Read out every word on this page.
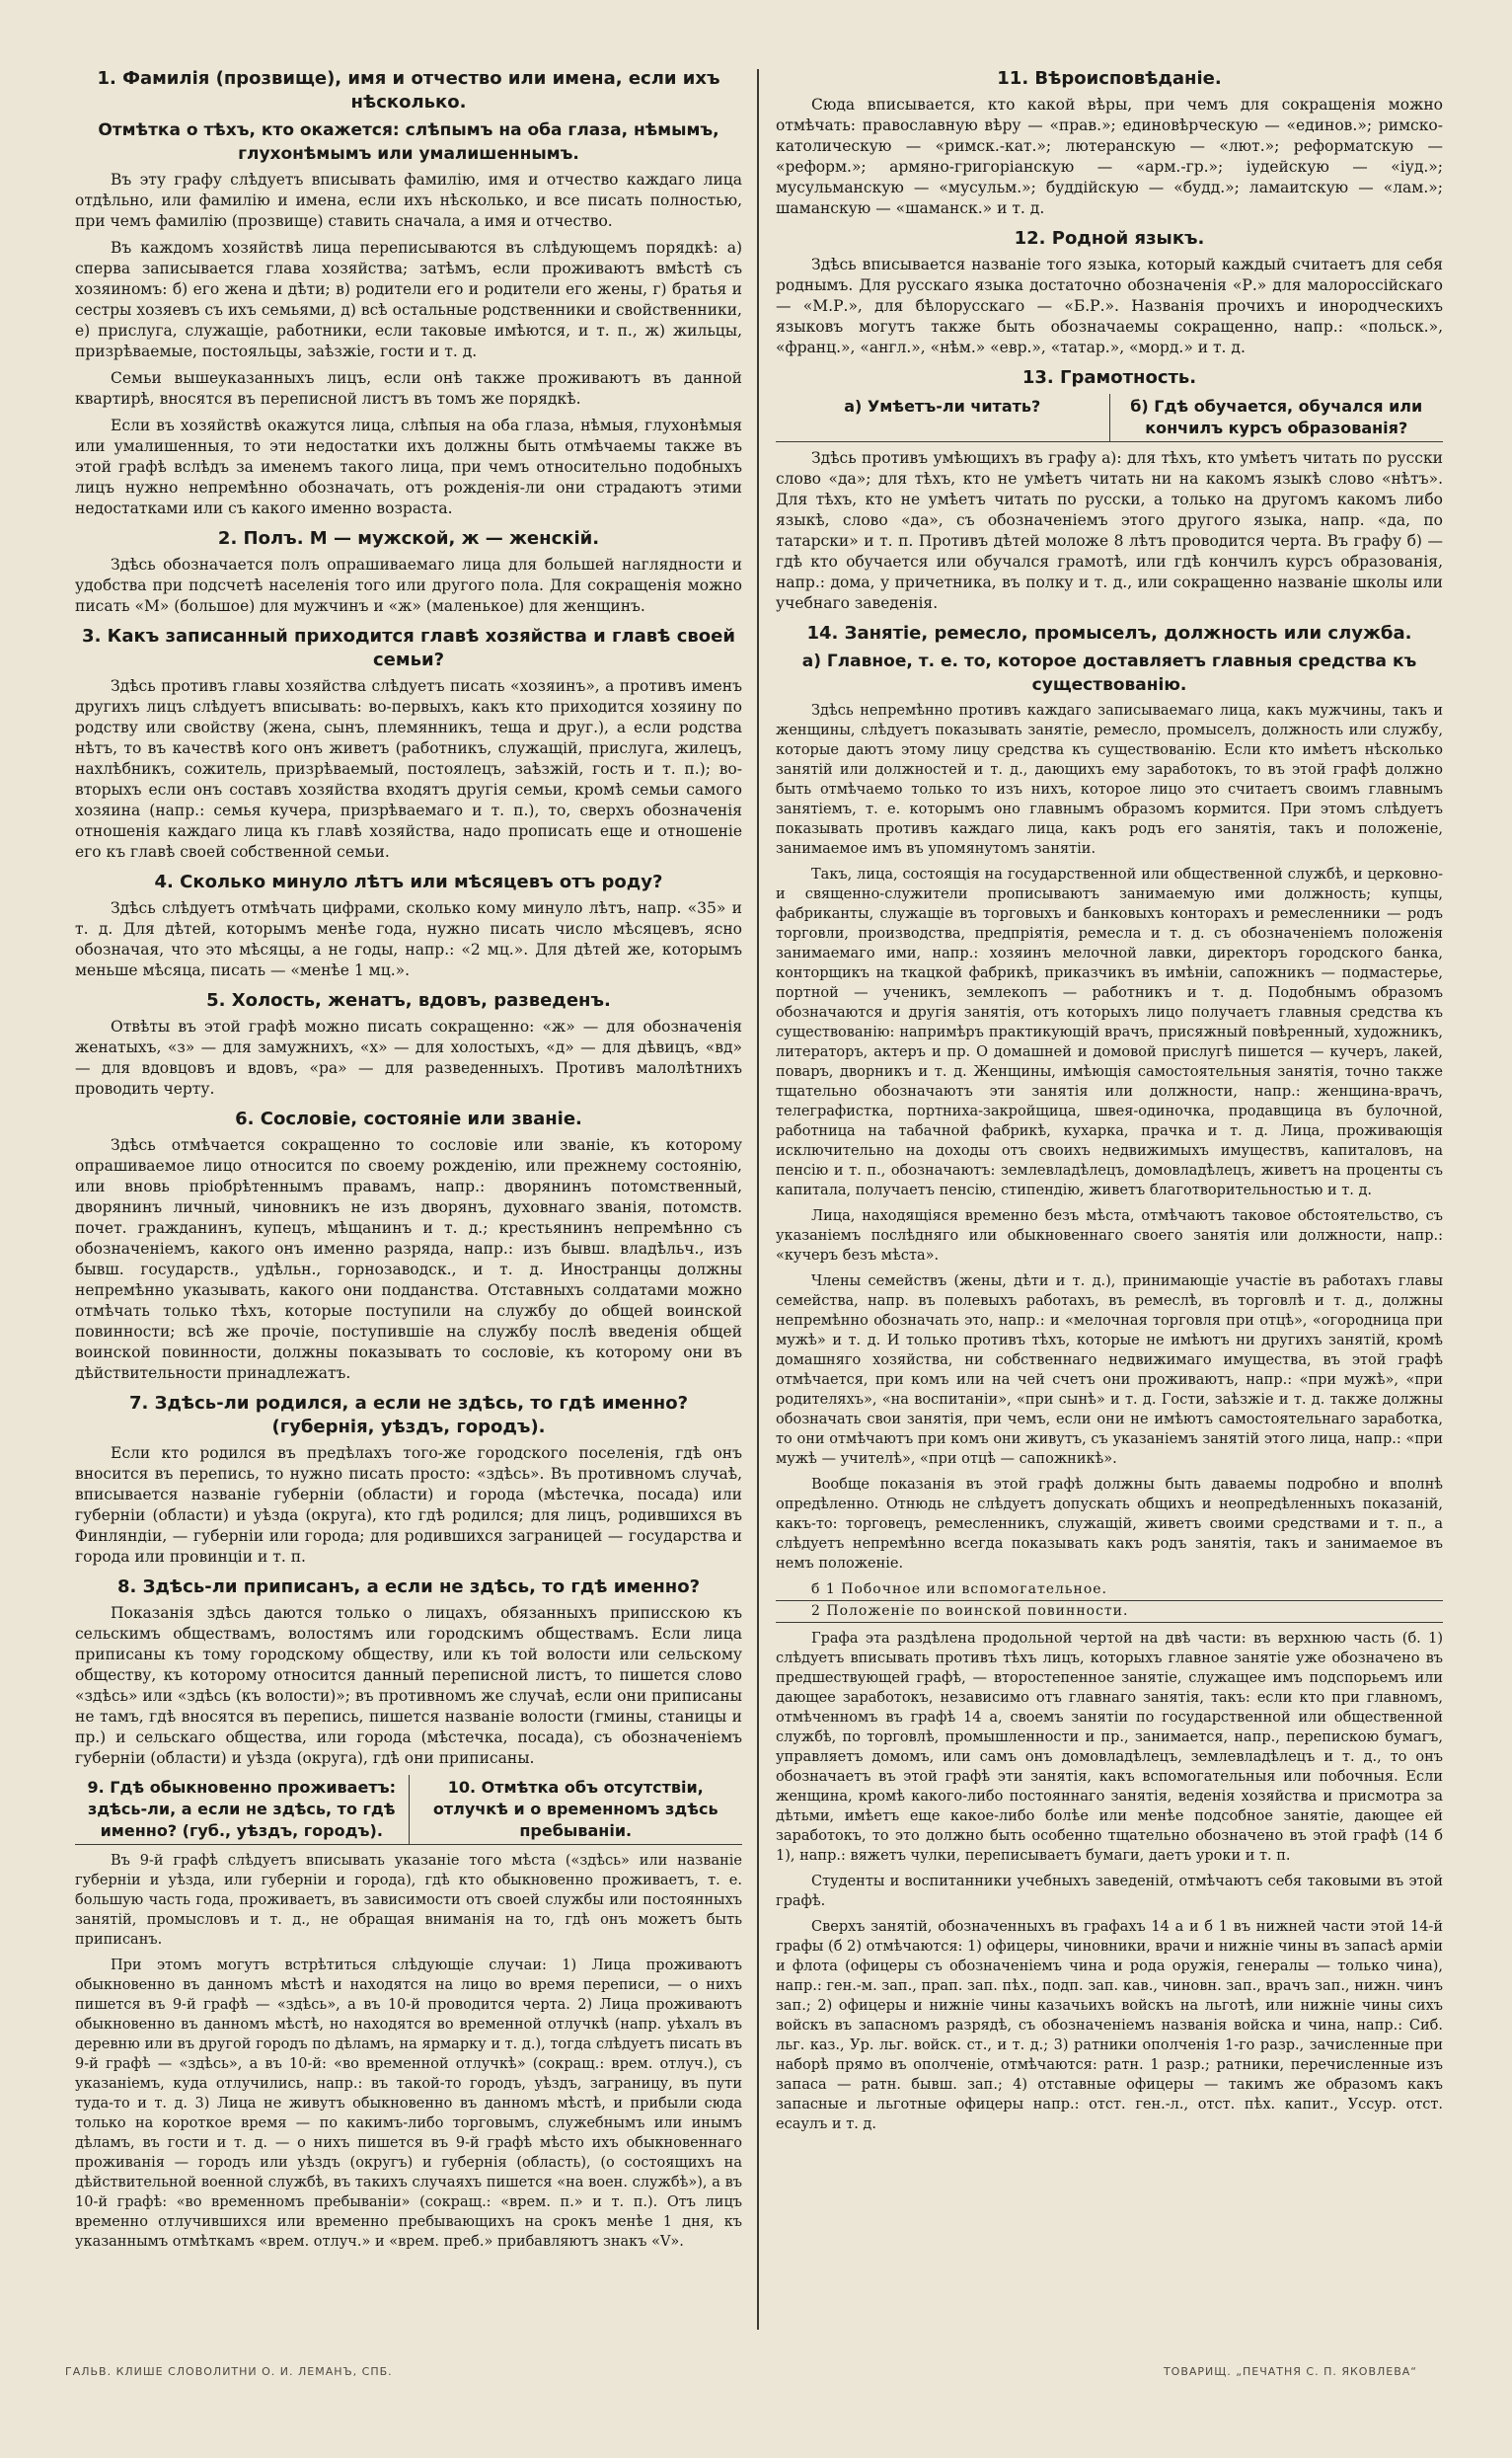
1. Фамилія (прозвище), имя и отчество или имена, если ихъ нѣсколько.
Отмѣтка о тѣхъ, кто окажется: слѣпымъ на оба глаза, нѣмымъ, глухонѣмымъ или умалишеннымъ.

Въ эту графу слѣдуетъ вписывать фамилію, имя и отчество каждаго лица отдѣльно, или фамилію и имена, если ихъ нѣсколько, и все писать полностью, при чемъ фамилію (прозвище) ставить сначала, а имя и отчество.

Въ каждомъ хозяйствѣ лица переписываются въ слѣдующемъ порядкѣ: а) сперва записывается глава хозяйства; затѣмъ, если проживаютъ вмѣстѣ съ хозяиномъ: б) его жена и дѣти; в) родители его и родители его жены, г) братья и сестры хозяевъ съ ихъ семьями, д) всѣ остальные родственники и свойственники, е) прислуга, служащіе, работники, если таковые имѣются, и т. п., ж) жильцы, призрѣваемые, постояльцы, заѣзжіе, гости и т. д.

Семьи вышеуказанныхъ лицъ, если онѣ также проживаютъ въ данной квартирѣ, вносятся въ переписной листъ въ томъ же порядкѣ.

Если въ хозяйствѣ окажутся лица, слѣпыя на оба глаза, нѣмыя, глухонѣмыя или умалишенныя, то эти недостатки ихъ должны быть отмѣчаемы также въ этой графѣ вслѣдъ за именемъ такого лица, при чемъ относительно подобныхъ лицъ нужно непремѣнно обозначать, отъ рожденія-ли они страдаютъ этими недостатками или съ какого именно возраста.

2. Полъ. М — мужской, ж — женскій.

Здѣсь обозначается полъ опрашиваемаго лица для большей наглядности и удобства при подсчетѣ населенія того или другого пола. Для сокращенія можно писать «М» (большое) для мужчинъ и «ж» (маленькое) для женщинъ.

3. Какъ записанный приходится главѣ хозяйства и главѣ своей семьи?

Здѣсь противъ главы хозяйства слѣдуетъ писать «хозяинъ», а противъ именъ другихъ лицъ слѣдуетъ вписывать: во-первыхъ, какъ кто приходится хозяину по родству или свойству (жена, сынъ, племянникъ, теща и друг.), а если родства нѣтъ, то въ качествѣ кого онъ живетъ (работникъ, служащій, прислуга, жилецъ, нахлѣбникъ, сожитель, призрѣваемый, постоялецъ, заѣзжій, гость и т. п.); во-вторыхъ если онъ составъ хозяйства входятъ другія семьи, кромѣ семьи самого хозяина (напр.: семья кучера, призрѣваемаго и т. п.), то, сверхъ обозначенія отношенія каждаго лица къ главѣ хозяйства, надо прописать еще и отношеніе его къ главѣ своей собственной семьи.

4. Сколько минуло лѣтъ или мѣсяцевъ отъ роду?

Здѣсь слѣдуетъ отмѣчать цифрами, сколько кому минуло лѣтъ, напр. «35» и т. д. Для дѣтей, которымъ менѣе года, нужно писать число мѣсяцевъ, ясно обозначая, что это мѣсяцы, а не годы, напр.: «2 мц.». Для дѣтей же, которымъ меньше мѣсяца, писать — «менѣе 1 мц.».

5. Холость, женатъ, вдовъ, разведенъ.

Отвѣты въ этой графѣ можно писать сокращенно: «ж» — для обозначенія женатыхъ, «з» — для замужнихъ, «х» — для холостыхъ, «д» — для дѣвицъ, «вд» — для вдовцовъ и вдовъ, «ра» — для разведенныхъ. Противъ малолѣтнихъ проводить черту.

6. Сословіе, состояніе или званіе.

Здѣсь отмѣчается сокращенно то сословіе или званіе, къ которому опрашиваемое лицо относится по своему рожденію, или прежнему состоянію, или вновь пріобрѣтеннымъ правамъ, напр.: дворянинъ потомственный, дворянинъ личный, чиновникъ не изъ дворянъ, духовнаго званія, потомств. почет. гражданинъ, купецъ, мѣщанинъ и т. д.; крестьянинъ непремѣнно съ обозначеніемъ, какого онъ именно разряда, напр.: изъ бывш. владѣльч., изъ бывш. государств., удѣльн., горнозаводск., и т. д. Иностранцы должны непремѣнно указывать, какого они подданства. Отставныхъ солдатами можно отмѣчать только тѣхъ, которые поступили на службу до общей воинской повинности; всѣ же прочіе, поступившіе на службу послѣ введенія общей воинской повинности, должны показывать то сословіе, къ которому они въ дѣйствительности принадлежатъ.

7. Здѣсь-ли родился, а если не здѣсь, то гдѣ именно? (губернія, уѣздъ, городъ).

Если кто родился въ предѣлахъ того-же городского поселенія, гдѣ онъ вносится въ перепись, то нужно писать просто: «здѣсь». Въ противномъ случаѣ, вписывается названіе губерніи (области) и города (мѣстечка, посада) или губерніи (области) и уѣзда (округа), кто гдѣ родился; для лицъ, родившихся въ Финляндіи, — губерніи или города; для родившихся заграницей — государства и города или провинціи и т. п.

8. Здѣсь-ли приписанъ, а если не здѣсь, то гдѣ именно?

Показанія здѣсь даются только о лицахъ, обязанныхъ приписскою къ сельскимъ обществамъ, волостямъ или городскимъ обществамъ. Если лица приписаны къ тому городскому обществу, или къ той волости или сельскому обществу, къ которому относится данный переписной листъ, то пишется слово «здѣсь» или «здѣсь (къ волости)»; въ противномъ же случаѣ, если они приписаны не тамъ, гдѣ вносятся въ перепись, пишется названіе волости (гмины, станицы и пр.) и сельскаго общества, или города (мѣстечка, посада), съ обозначеніемъ губерніи (области) и уѣзда (округа), гдѣ они приписаны.

9. Гдѣ обыкновенно проживаетъ: здѣсь-ли, а если не здѣсь, то гдѣ именно? (губ., уѣздъ, городъ).
10. Отмѣтка объ отсутствіи, отлучкѣ и о временномъ здѣсь пребываніи.

Въ 9-й графѣ слѣдуетъ вписывать указаніе того мѣста («здѣсь» или названіе губерніи и уѣзда, или губерніи и города), гдѣ кто обыкновенно проживаетъ, т. е. большую часть года, проживаетъ, въ зависимости отъ своей службы или постоянныхъ занятій, промысловъ и т. д., не обращая вниманія на то, гдѣ онъ можетъ быть приписанъ.

При этомъ могутъ встрѣтиться слѣдующіе случаи: 1) Лица проживаютъ обыкновенно въ данномъ мѣстѣ и находятся на лицо во время переписи, — о нихъ пишется въ 9-й графѣ — «здѣсь», а въ 10-й проводится черта. 2) Лица проживаютъ обыкновенно въ данномъ мѣстѣ, но находятся во временной отлучкѣ (напр. уѣхалъ въ деревню или въ другой городъ по дѣламъ, на ярмарку и т. д.), тогда слѣдуетъ писать въ 9-й графѣ — «здѣсь», а въ 10-й: «во временной отлучкѣ» (сокращ.: врем. отлуч.), съ указаніемъ, куда отлучились, напр.: въ такой-то городъ, уѣздъ, заграницу, въ пути туда-то и т. д. 3) Лица не живутъ обыкновенно въ данномъ мѣстѣ, и прибыли сюда только на короткое время — по какимъ-либо торговымъ, служебнымъ или инымъ дѣламъ, въ гости и т. д. — о нихъ пишется въ 9-й графѣ мѣсто ихъ обыкновеннаго проживанія — городъ или уѣздъ (округъ) и губернія (область), (о состоящихъ на дѣйствительной военной службѣ, въ такихъ случаяхъ пишется «на воен. службѣ»), а въ 10-й графѣ: «во временномъ пребываніи» (сокращ.: «врем. п.» и т. п.). Отъ лицъ временно отлучившихся или временно пребывающихъ на срокъ менѣе 1 дня, къ указаннымъ отмѣткамъ «врем. отлуч.» и «врем. преб.» прибавляютъ знакъ «V».

11. Вѣроисповѣданіе.

Сюда вписывается, кто какой вѣры, при чемъ для сокращенія можно отмѣчать: православную вѣру — «прав.»; единовѣрческую — «единов.»; римско-католическую — «римск.-кат.»; лютеранскую — «лют.»; реформатскую — «реформ.»; армяно-григоріанскую — «арм.-гр.»; іудейскую — «іуд.»; мусульманскую — «мусульм.»; буддійскую — «будд.»; ламаитскую — «лам.»; шаманскую — «шаманск.» и т. д.

12. Родной языкъ.

Здѣсь вписывается названіе того языка, который каждый считаетъ для себя роднымъ. Для русскаго языка достаточно обозначенія «Р.» для малороссійскаго — «М.Р.», для бѣлорусскаго — «Б.Р.». Названія прочихъ и инородческихъ языковъ могутъ также быть обозначаемы сокращенно, напр.: «польск.», «франц.», «англ.», «нѣм.» «евр.», «татар.», «морд.» и т. д.

13. Грамотность.
а) Умѣетъ-ли читать?	б) Гдѣ обучается, обучался или кончилъ курсъ образованія?

Здѣсь противъ умѣющихъ въ графу а): для тѣхъ, кто умѣетъ читать по русски слово «да»; для тѣхъ, кто не умѣетъ читать ни на какомъ языкѣ слово «нѣтъ». Для тѣхъ, кто не умѣетъ читать по русски, а только на другомъ какомъ либо языкѣ, слово «да», съ обозначеніемъ этого другого языка, напр. «да, по татарски» и т. п. Противъ дѣтей моложе 8 лѣтъ проводится черта. Въ графу б) — гдѣ кто обучается или обучался грамотѣ, или гдѣ кончилъ курсъ образованія, напр.: дома, у причетника, въ полку и т. д., или сокращенно названіе школы или учебнаго заведенія.

14. Занятіе, ремесло, промыселъ, должность или служба.
а) Главное, т. е. то, которое доставляетъ главныя средства къ существованію.

Здѣсь непремѣнно противъ каждаго записываемаго лица, какъ мужчины, такъ и женщины, слѣдуетъ показывать занятіе, ремесло, промыселъ, должность или службу, которые даютъ этому лицу средства къ существованію. Если кто имѣетъ нѣсколько занятій или должностей и т. д., дающихъ ему заработокъ, то въ этой графѣ должно быть отмѣчаемо только то изъ нихъ, которое лицо это считаетъ своимъ главнымъ занятіемъ, т. е. которымъ оно главнымъ образомъ кормится. При этомъ слѣдуетъ показывать противъ каждаго лица, какъ родъ его занятія, такъ и положеніе, занимаемое имъ въ упомянутомъ занятіи.

Такъ, лица, состоящія на государственной или общественной службѣ, и церковно- и священно-служители прописываютъ занимаемую ими должность; купцы, фабриканты, служащіе въ торговыхъ и банковыхъ конторахъ и ремесленники — родъ торговли, производства, предпріятія, ремесла и т. д. съ обозначеніемъ положенія занимаемаго ими, напр.: хозяинъ мелочной лавки, директоръ городского банка, конторщикъ на ткацкой фабрикѣ, приказчикъ въ имѣніи, сапожникъ — подмастерье, портной — ученикъ, землекопъ — работникъ и т. д. Подобнымъ образомъ обозначаются и другія занятія, отъ которыхъ лицо получаетъ главныя средства къ существованію: напримѣръ практикующій врачъ, присяжный повѣренный, художникъ, литераторъ, актеръ и пр. О домашней и домовой прислугѣ пишется — кучеръ, лакей, поваръ, дворникъ и т. д. Женщины, имѣющія самостоятельныя занятія, точно также тщательно обозначаютъ эти занятія или должности, напр.: женщина-врачъ, телеграфистка, портниха-закройщица, швея-одиночка, продавщица въ булочной, работница на табачной фабрикѣ, кухарка, прачка и т. д. Лица, проживающія исключительно на доходы отъ своихъ недвижимыхъ имуществъ, капиталовъ, на пенсію и т. п., обозначаютъ: землевладѣлецъ, домовладѣлецъ, живетъ на проценты съ капитала, получаетъ пенсію, стипендію, живетъ благотворительностью и т. д.

Лица, находящіяся временно безъ мѣста, отмѣчаютъ таковое обстоятельство, съ указаніемъ послѣдняго или обыкновеннаго своего занятія или должности, напр.: «кучеръ безъ мѣста».

Члены семействъ (жены, дѣти и т. д.), принимающіе участіе въ работахъ главы семейства, напр. въ полевыхъ работахъ, въ ремеслѣ, въ торговлѣ и т. д., должны непремѣнно обозначать это, напр.: и «мелочная торговля при отцѣ», «огородница при мужѣ» и т. д. И только противъ тѣхъ, которые не имѣютъ ни другихъ занятій, кромѣ домашняго хозяйства, ни собственнаго недвижимаго имущества, въ этой графѣ отмѣчается, при комъ или на чей счетъ они проживаютъ, напр.: «при мужѣ», «при родителяхъ», «на воспитаніи», «при сынѣ» и т. д. Гости, заѣзжіе и т. д. также должны обозначать свои занятія, при чемъ, если они не имѣютъ самостоятельнаго заработка, то они отмѣчаютъ при комъ они живутъ, съ указаніемъ занятій этого лица, напр.: «при мужѣ — учителѣ», «при отцѣ — сапожникѣ».

Вообще показанія въ этой графѣ должны быть даваемы подробно и вполнѣ опредѣленно. Отнюдь не слѣдуетъ допускать общихъ и неопредѣленныхъ показаній, какъ-то: торговецъ, ремесленникъ, служащій, живетъ своими средствами и т. п., а слѣдуетъ непремѣнно всегда показывать какъ родъ занятія, такъ и занимаемое въ немъ положеніе.

б 1 Побочное или вспомогательное.
2 Положеніе по воинской повинности.

Графа эта раздѣлена продольной чертой на двѣ части: въ верхнюю часть (б. 1) слѣдуетъ вписывать противъ тѣхъ лицъ, которыхъ главное занятіе уже обозначено въ предшествующей графѣ, — второстепенное занятіе, служащее имъ подспорьемъ или дающее заработокъ, независимо отъ главнаго занятія, такъ: если кто при главномъ, отмѣченномъ въ графѣ 14 а, своемъ занятіи по государственной или общественной службѣ, по торговлѣ, промышленности и пр., занимается, напр., перепискою бумагъ, управляетъ домомъ, или самъ онъ домовладѣлецъ, землевладѣлецъ и т. д., то онъ обозначаетъ въ этой графѣ эти занятія, какъ вспомогательныя или побочныя. Если женщина, кромѣ какого-либо постояннаго занятія, веденія хозяйства и присмотра за дѣтьми, имѣетъ еще какое-либо болѣе или менѣе подсобное занятіе, дающее ей заработокъ, то это должно быть особенно тщательно обозначено въ этой графѣ (14 б 1), напр.: вяжетъ чулки, переписываетъ бумаги, даетъ уроки и т. п.

Студенты и воспитанники учебныхъ заведеній, отмѣчаютъ себя таковыми въ этой графѣ.

Сверхъ занятій, обозначенныхъ въ графахъ 14 а и б 1 въ нижней части этой 14-й графы (б 2) отмѣчаются: 1) офицеры, чиновники, врачи и нижніе чины въ запасѣ арміи и флота (офицеры съ обозначеніемъ чина и рода оружія, генералы — только чина), напр.: ген.-м. зап., прап. зап. пѣх., подп. зап. кав., чиновн. зап., врачъ зап., нижн. чинъ зап.; 2) офицеры и нижніе чины казачьихъ войскъ на льготѣ, или нижніе чины сихъ войскъ въ запасномъ разрядѣ, съ обозначеніемъ названія войска и чина, напр.: Сиб. льг. каз., Ур. льг. войск. ст., и т. д.; 3) ратники ополченія 1-го разр., зачисленные при наборѣ прямо въ ополченіе, отмѣчаются: ратн. 1 разр.; ратники, перечисленные изъ запаса — ратн. бывш. зап.; 4) отставные офицеры — такимъ же образомъ какъ запасные и льготные офицеры напр.: отст. ген.-л., отст. пѣх. капит., Уссур. отст. есаулъ и т. д.

ГАЛЬВ. КЛИШЕ СЛОВОЛИТНИ О. И. ЛЕМАНЪ, СПБ.	ТОВАРИЩ. „ПЕЧАТНЯ С. П. ЯКОВЛЕВА“
